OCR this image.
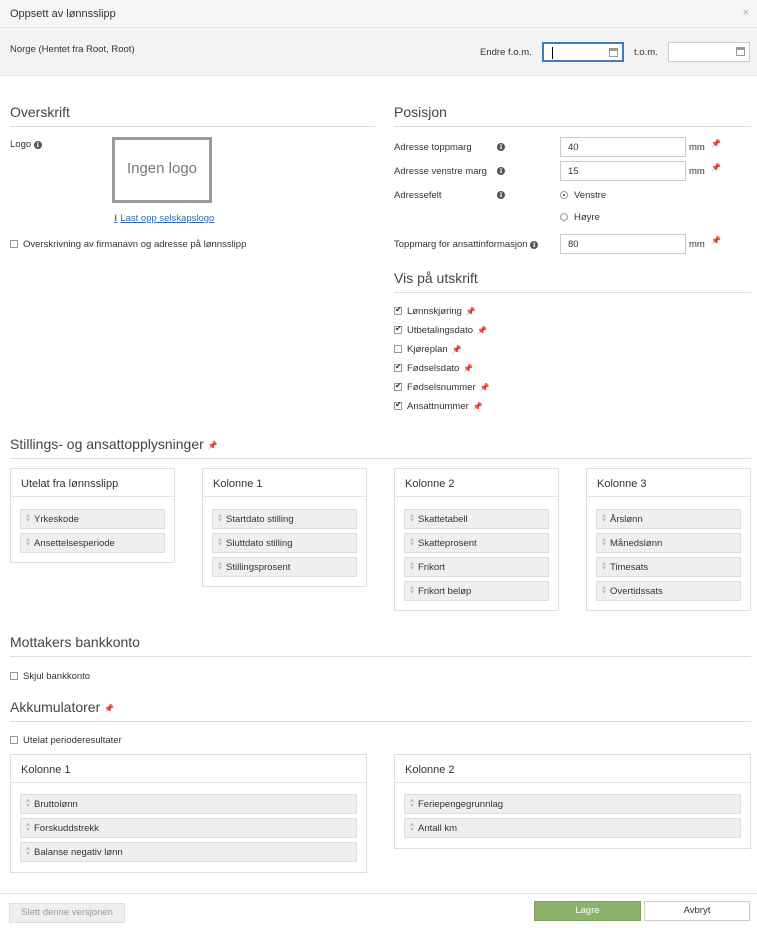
Oppsett av lønnsslipp	×
Norge (Hentet fra Root, Root)	Endre f.o.m.	t.o.m.
Overskrift
Logo i
Ingen logo
⭳ Last opp selskapslogo
Overskrivning av firmanavn og adresse på lønnsslipp
Posisjon
Adresse toppmarg	i	40	mm 📌
Adresse venstre marg	i	15	mm 📌
Adressefelt	i	Venstre
Høyre
Toppmarg for ansattinformasjon i	80	mm 📌
Vis på utskrift
✔Lønnskjøring 📌
✔Utbetalingsdato 📌
Kjøreplan 📌
✔Fødselsdato 📌
✔Fødselsnummer 📌
✔Ansattnummer 📌
Stillings- og ansattopplysninger 📌
Utelat fra lønnsslipp
▲
▼ Yrkeskode
▲
▼ Ansettelsesperiode
Kolonne 1
▲
▼ Startdato stilling
▲
▼ Sluttdato stilling
▲
▼ Stillingsprosent
Kolonne 2
▲
▼ Skattetabell
▲
▼ Skatteprosent
▲
▼ Frikort
▲
▼ Frikort beløp
Kolonne 3
▲
▼ Årslønn
▲
▼ Månedslønn
▲
▼ Timesats
▲
▼ Overtidssats
Mottakers bankkonto
Skjul bankkonto
Akkumulatorer 📌
Utelat perioderesultater
Kolonne 1
▲
▼ Bruttolønn
▲
▼ Forskuddstrekk
▲
▼ Balanse negativ lønn
Kolonne 2
▲
▼ Feriepengegrunnlag
▲
▼ Antall km
Slett denne versjonen	Lagre	Avbryt
